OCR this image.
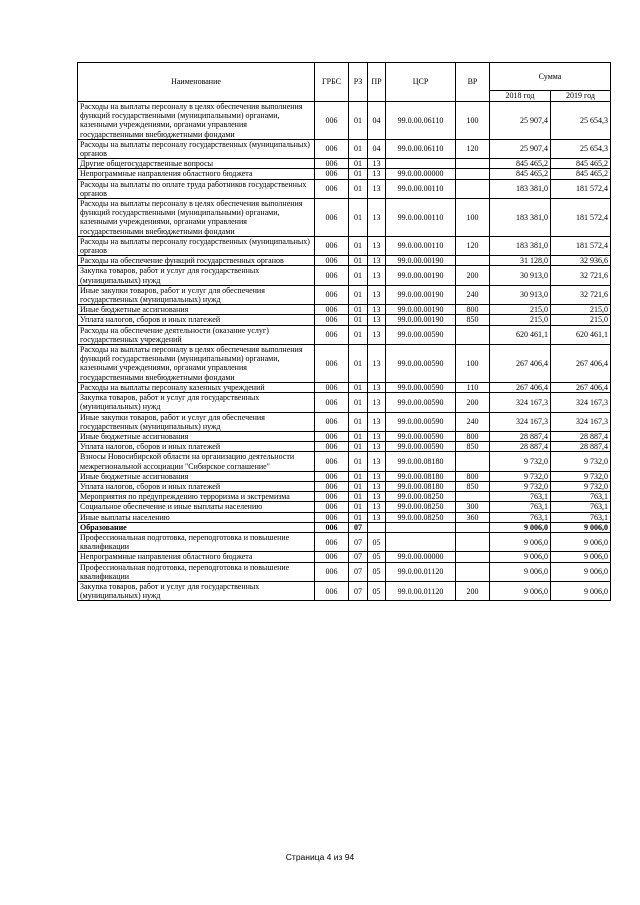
Наименование	ГРБС	РЗ	ПР	ЦСР	ВР	Сумма	
						2018 год	2019 год
Расходы на выплаты персоналу в целях обеспечения выполнения функций государственными (муниципальными) органами, казенными учреждениями, органами управления государственными внебюджетными фондами	006	01	04	99.0.00.06110	100	25 907,4	25 654,3
Расходы на выплаты персоналу государственных (муниципальных) органов	006	01	04	99.0.00.06110	120	25 907,4	25 654,3
Другие общегосударственные вопросы	006	01	13			845 465,2	845 465,2
Непрограммные направления областного бюджета	006	01	13	99.0.00.00000		845 465,2	845 465,2
Расходы на выплаты по оплате труда работников государственных органов	006	01	13	99.0.00.00110		183 381,0	181 572,4
Расходы на выплаты персоналу в целях обеспечения выполнения функций государственными (муниципальными) органами, казенными учреждениями, органами управления государственными внебюджетными фондами	006	01	13	99.0.00.00110	100	183 381,0	181 572,4
Расходы на выплаты персоналу государственных (муниципальных) органов	006	01	13	99.0.00.00110	120	183 381,0	181 572,4
Расходы на обеспечение функций государственных органов	006	01	13	99.0.00.00190		31 128,0	32 936,6
Закупка товаров, работ и услуг для государственных (муниципальных) нужд	006	01	13	99.0.00.00190	200	30 913,0	32 721,6
Иные закупки товаров, работ и услуг для обеспечения государственных (муниципальных) нужд	006	01	13	99.0.00.00190	240	30 913,0	32 721,6
Иные бюджетные ассигнования	006	01	13	99.0.00.00190	800	215,0	215,0
Уплата налогов, сборов и иных платежей	006	01	13	99.0.00.00190	850	215,0	215,0
Расходы на обеспечение деятельности (оказание услуг) государственных учреждений	006	01	13	99.0.00.00590		620 461,1	620 461,1
Расходы на выплаты персоналу в целях обеспечения выполнения функций государственными (муниципальными) органами, казенными учреждениями, органами управления государственными внебюджетными фондами	006	01	13	99.0.00.00590	100	267 406,4	267 406,4
Расходы на выплаты персоналу казенных учреждений	006	01	13	99.0.00.00590	110	267 406,4	267 406,4
Закупка товаров, работ и услуг для государственных (муниципальных) нужд	006	01	13	99.0.00.00590	200	324 167,3	324 167,3
Иные закупки товаров, работ и услуг для обеспечения государственных (муниципальных) нужд	006	01	13	99.0.00.00590	240	324 167,3	324 167,3
Иные бюджетные ассигнования	006	01	13	99.0.00.00590	800	28 887,4	28 887,4
Уплата налогов, сборов и иных платежей	006	01	13	99.0.00.00590	850	28 887,4	28 887,4
Взносы Новосибирской области на организацию деятельности межрегиональной ассоциации "Сибирское соглашение"	006	01	13	99.0.00.08180		9 732,0	9 732,0
Иные бюджетные ассигнования	006	01	13	99.0.00.08180	800	9 732,0	9 732,0
Уплата налогов, сборов и иных платежей	006	01	13	99.0.00.08180	850	9 732,0	9 732,0
Мероприятия по предупреждению терроризма и экстремизма	006	01	13	99.0.00.08250		763,1	763,1
Социальное обеспечение и иные выплаты населению	006	01	13	99.0.00.08250	300	763,1	763,1
Иные выплаты населению	006	01	13	99.0.00.08250	360	763,1	763,1
Образование	006	07				9 006,0	9 006,0
Профессиональная подготовка, переподготовка и повышение квалификации	006	07	05			9 006,0	9 006,0
Непрограммные направления областного бюджета	006	07	05	99.0.00.00000		9 006,0	9 006,0
Профессиональная подготовка, переподготовка и повышение квалификации	006	07	05	99.0.00.01120		9 006,0	9 006,0
Закупка товаров, работ и услуг для государственных (муниципальных) нужд	006	07	05	99.0.00.01120	200	9 006,0	9 006,0
Страница 4 из 94
